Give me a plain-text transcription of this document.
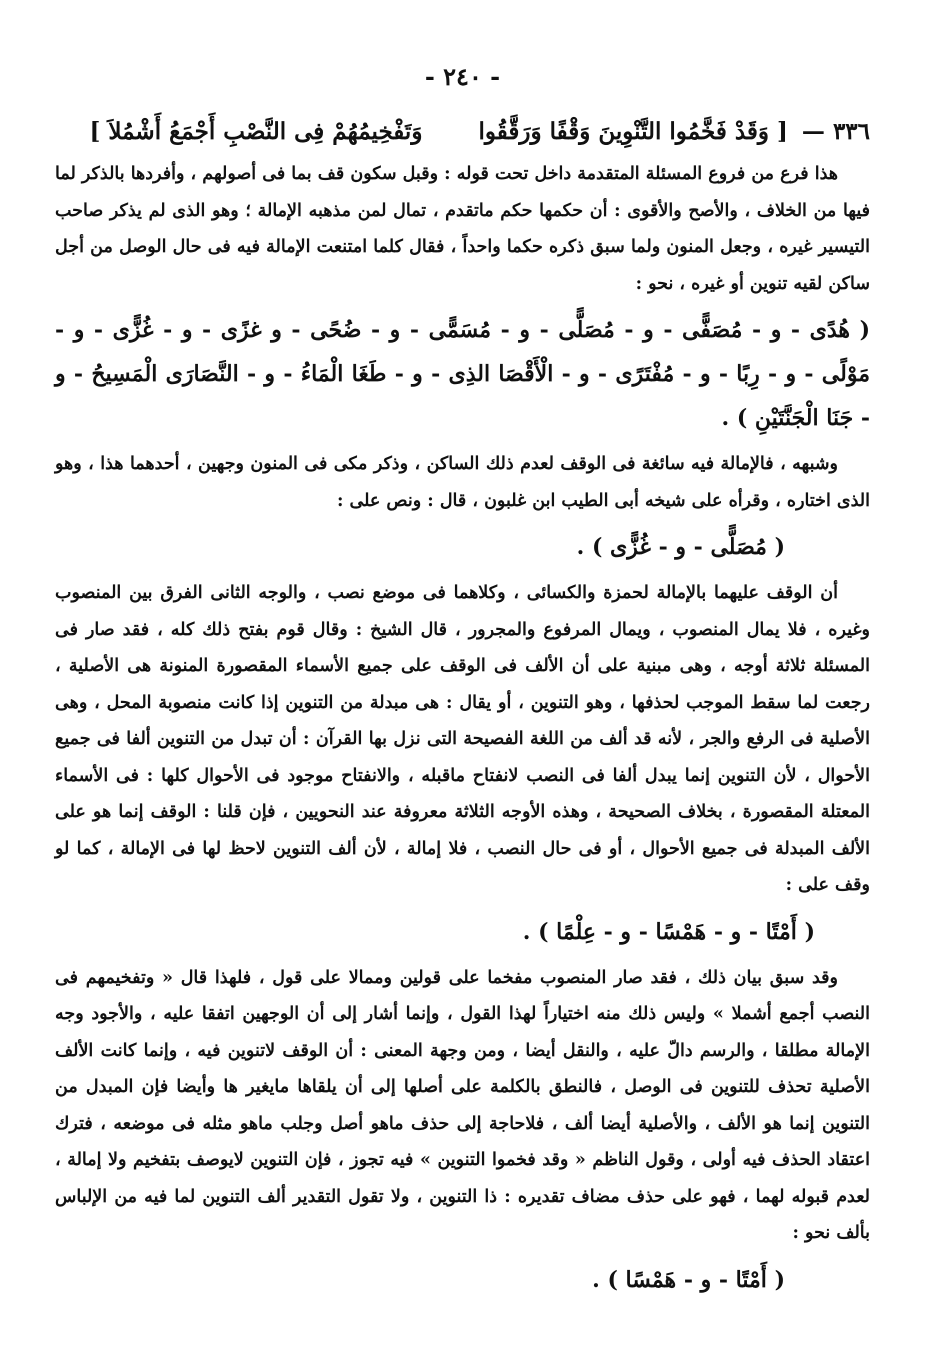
- ٢٤٠ -
٣٣٦ — [ وَقَدْ فَخَّمُوا التَّنْوِينَ وَقْفًا وَرَقَّقُوا  وَتَفْخِيمُهُمْ فِى النَّصْبِ أَجْمَعُ أَشْمُلاَ ]

هذا فرع من فروع المسئلة المتقدمة داخل تحت قوله : وقبل سكون قف بما فى أصولهم ، وأفردها بالذكر لما فيها من الخلاف ، والأصح والأقوى : أن حكمها حكم ماتقدم ، تمال لمن مذهبه الإمالة ؛ وهو الذى لم يذكر صاحب التيسير غيره ، وجعل المنون ولما سبق ذكره حكما واحداً ، فقال كلما امتنعت الإمالة فيه فى حال الوصل من أجل ساكن لقيه تنوين أو غيره ، نحو :

( هُدًى - و - مُصَفًّى - و - مُصَلًّى - و - مُسَمًّى - و - ضُحًى - و غزًى - و - غُزًّى - و - مَوْلًى - و - رِبًا - و - مُفْتَرًى - و - الْأَقْصَا الذِى - و - طَغَا الْمَاءُ - و - النَّصَارَى الْمَسِيحُ - و - جَنَا الْجَنَّتَيْنِ ) .

وشبهه ، فالإمالة فيه سائغة فى الوقف لعدم ذلك الساكن ، وذكر مكى فى المنون وجهين ، أحدهما هذا ، وهو الذى اختاره ، وقرأه على شيخه أبى الطيب ابن غلبون ، قال : ونص على :

( مُصَلًّى - و - غُزًّى ) .

أن الوقف عليهما بالإمالة لحمزة والكسائى ، وكلاهما فى موضع نصب ، والوجه الثانى الفرق بين المنصوب وغيره ، فلا يمال المنصوب ، ويمال المرفوع والمجرور ، قال الشيخ : وقال قوم بفتح ذلك كله ، فقد صار فى المسئلة ثلاثة أوجه ، وهى مبنية على أن الألف فى الوقف على جميع الأسماء المقصورة المنونة هى الأصلية ، رجعت لما سقط الموجب لحذفها ، وهو التنوين ، أو يقال : هى مبدلة من التنوين إذا كانت منصوبة المحل ، وهى الأصلية فى الرفع والجر ، لأنه قد ألف من اللغة الفصيحة التى نزل بها القرآن : أن تبدل من التنوين ألفا فى جميع الأحوال ، لأن التنوين إنما يبدل ألفا فى النصب لانفتاح ماقبله ، والانفتاح موجود فى الأحوال كلها : فى الأسماء المعتلة المقصورة ، بخلاف الصحيحة ، وهذه الأوجه الثلاثة معروفة عند النحويين ، فإن قلنا : الوقف إنما هو على الألف المبدلة فى جميع الأحوال ، أو فى حال النصب ، فلا إمالة ، لأن ألف التنوين لاحظ لها فى الإمالة ، كما لو وقف على :

( أَمْتًا - و - هَمْسًا - و - عِلْمًا ) .

وقد سبق بيان ذلك ، فقد صار المنصوب مفخما على قولين وممالا على قول ، فلهذا قال « وتفخيمهم فى النصب أجمع أشملا » وليس ذلك منه اختياراً لهذا القول ، وإنما أشار إلى أن الوجهين اتفقا عليه ، والأجود وجه الإمالة مطلقا ، والرسم دالّ عليه ، والنقل أيضا ، ومن وجهة المعنى : أن الوقف لاتنوين فيه ، وإنما كانت الألف الأصلية تحذف للتنوين فى الوصل ، فالنطق بالكلمة على أصلها إلى أن يلقاها مايغير ها وأيضا فإن المبدل من التنوين إنما هو الألف ، والأصلية أيضا ألف ، فلاحاجة إلى حذف ماهو أصل وجلب ماهو مثله فى موضعه ، فترك اعتقاد الحذف فيه أولى ، وقول الناظم « وقد فخموا التنوين » فيه تجوز ، فإن التنوين لايوصف بتفخيم ولا إمالة ، لعدم قبوله لهما ، فهو على حذف مضاف تقديره : ذا التنوين ، ولا تقول التقدير ألف التنوين لما فيه من الإلباس بألف نحو :

( أَمْتًا - و - هَمْسًا ) .
